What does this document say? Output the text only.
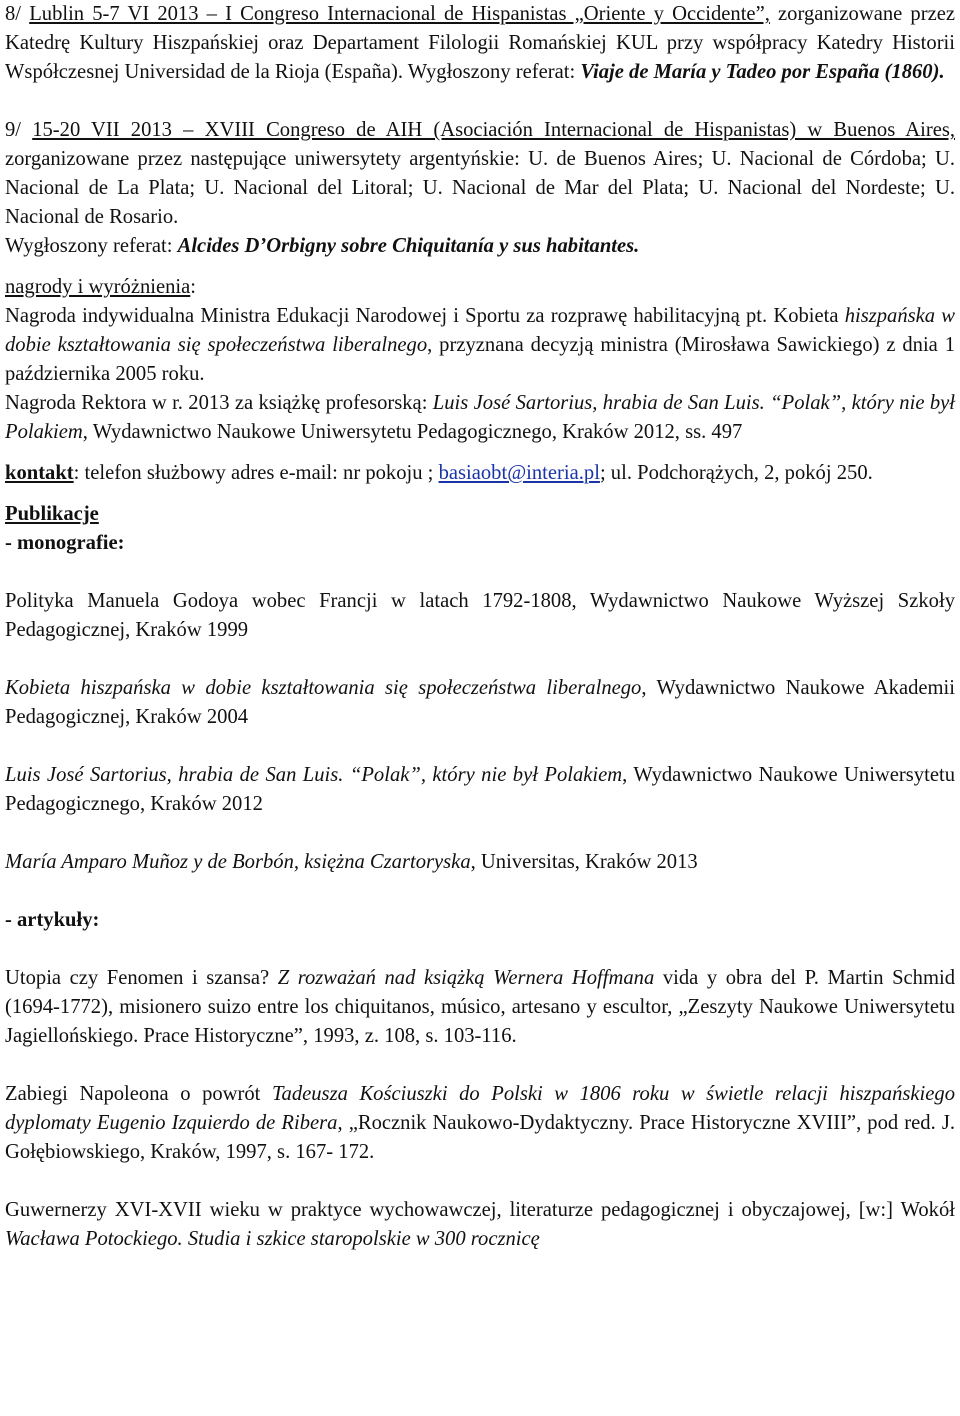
8/ Lublin 5-7 VI 2013 – I Congreso Internacional de Hispanistas „Oriente y Occidente”, zorganizowane przez Katedrę Kultury Hiszpańskiej oraz Departament Filologii Romańskiej KUL przy współpracy Katedry Historii Współczesnej Universidad de la Rioja (España). Wygłoszony referat: Viaje de María y Tadeo por España (1860).

9/ 15-20 VII 2013 – XVIII Congreso de AIH (Asociación Internacional de Hispanistas) w Buenos Aires, zorganizowane przez następujące uniwersytety argentyńskie: U. de Buenos Aires; U. Nacional de Córdoba; U. Nacional de La Plata; U. Nacional del Litoral; U. Nacional de Mar del Plata; U. Nacional del Nordeste; U. Nacional de Rosario.
Wygłoszony referat: Alcides D’Orbigny sobre Chiquitanía y sus habitantes.

nagrody i wyróżnienia:
Nagroda indywidualna Ministra Edukacji Narodowej i Sportu za rozprawę habilitacyjną pt. Kobieta hiszpańska w dobie kształtowania się społeczeństwa liberalnego, przyznana decyzją ministra (Mirosława Sawickiego) z dnia 1 października 2005 roku.
Nagroda Rektora w r. 2013 za książkę profesorską: Luis José Sartorius, hrabia de San Luis. “Polak”, który nie był Polakiem, Wydawnictwo Naukowe Uniwersytetu Pedagogicznego, Kraków 2012, ss. 497

kontakt: telefon służbowy adres e-mail: nr pokoju ; basiaobt@interia.pl; ul. Podchorążych, 2, pokój 250.

Publikacje
- monografie:

Polityka Manuela Godoya wobec Francji w latach 1792-1808, Wydawnictwo Naukowe Wyższej Szkoły Pedagogicznej, Kraków 1999

Kobieta hiszpańska w dobie kształtowania się społeczeństwa liberalnego, Wydawnictwo Naukowe Akademii Pedagogicznej, Kraków 2004

Luis José Sartorius, hrabia de San Luis. “Polak”, który nie był Polakiem, Wydawnictwo Naukowe Uniwersytetu Pedagogicznego, Kraków 2012

María Amparo Muñoz y de Borbón, księżna Czartoryska, Universitas, Kraków 2013

- artykuły:

Utopia czy Fenomen i szansa? Z rozważań nad książką Wernera Hoffmana vida y obra del P. Martin Schmid (1694-1772), misionero suizo entre los chiquitanos, músico, artesano y escultor, „Zeszyty Naukowe Uniwersytetu Jagiellońskiego. Prace Historyczne”, 1993, z. 108, s. 103-116.

Zabiegi Napoleona o powrót Tadeusza Kościuszki do Polski w 1806 roku w świetle relacji hiszpańskiego dyplomaty Eugenio Izquierdo de Ribera, „Rocznik Naukowo-Dydaktyczny. Prace Historyczne XVIII”, pod red. J. Gołębiowskiego, Kraków, 1997, s. 167- 172.

Guwernerzy XVI-XVII wieku w praktyce wychowawczej, literaturze pedagogicznej i obyczajowej, [w:] Wokół Wacława Potockiego. Studia i szkice staropolskie w 300 rocznicę
